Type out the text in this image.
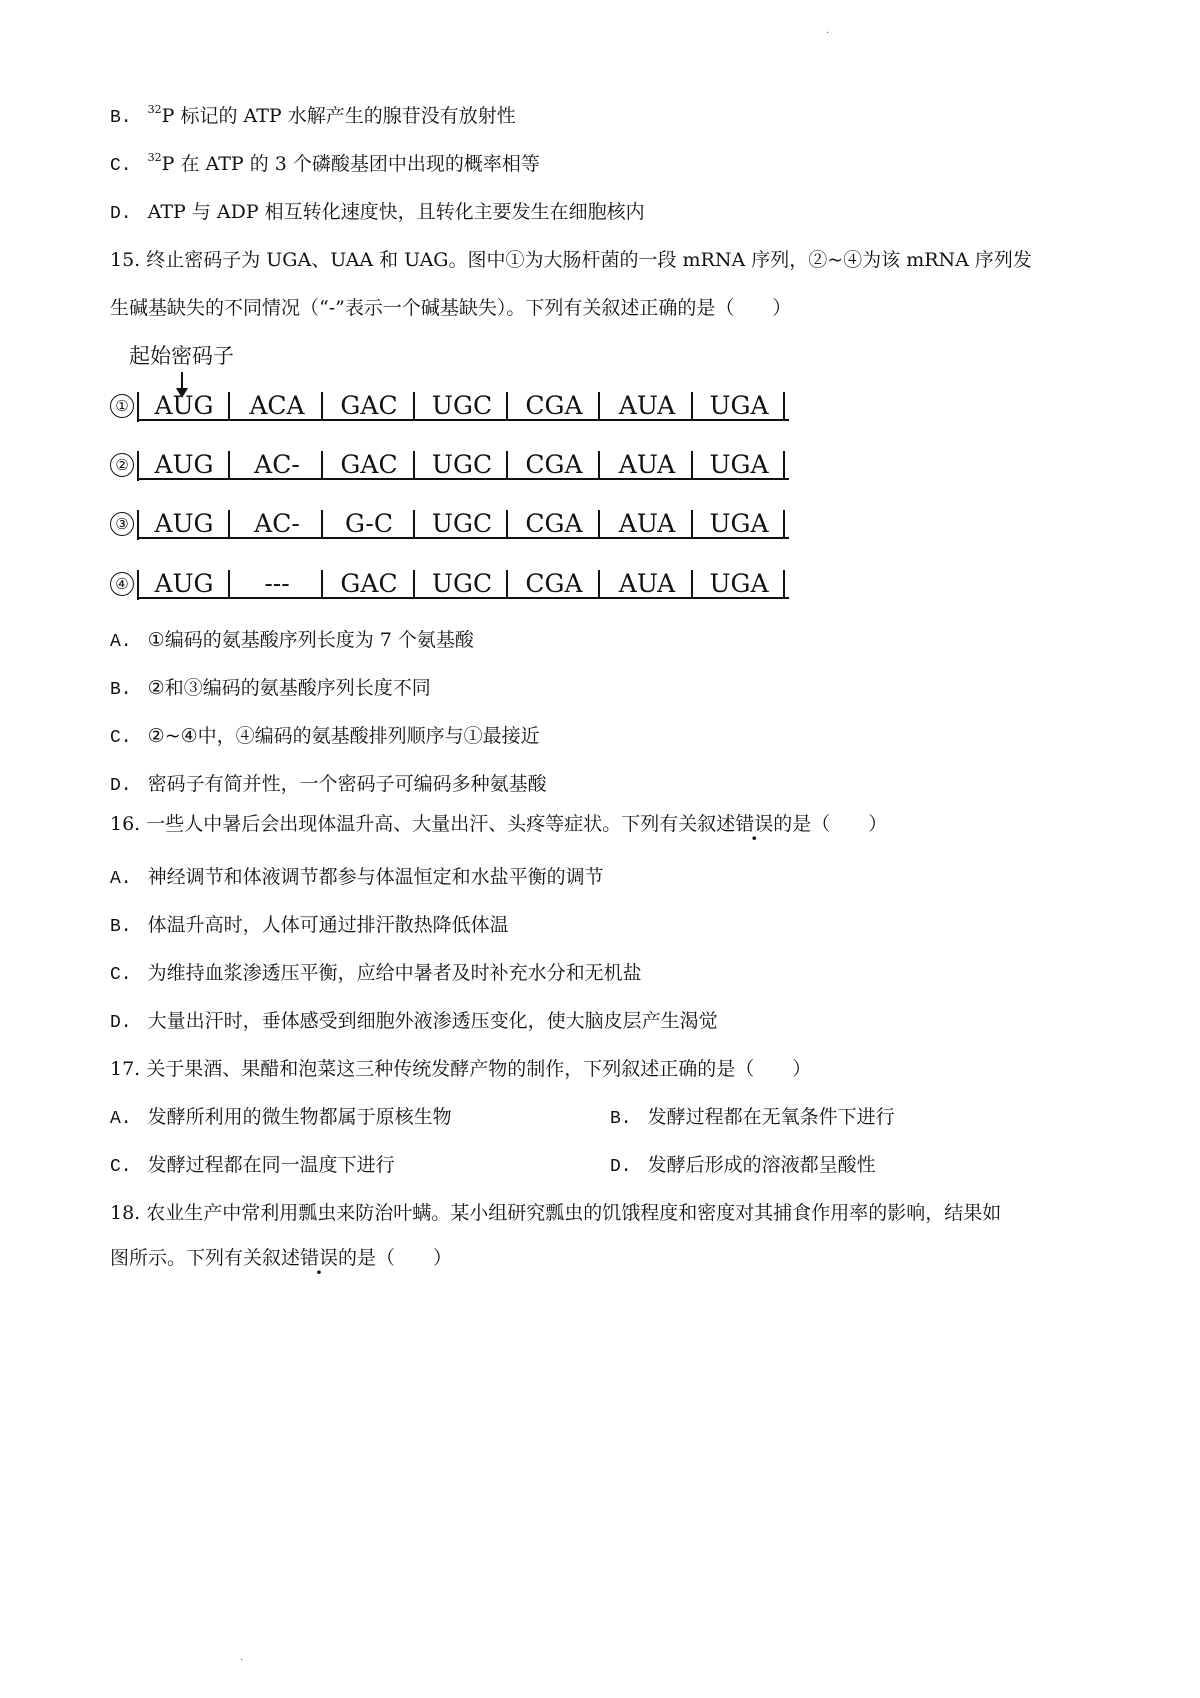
B. $^{32}$P 标记的 ATP 水解产生的腺苷没有放射性
C. $^{32}$P 在 ATP 的 3 个磷酸基团中出现的概率相等
D. ATP 与 ADP 相互转化速度快，且转化主要发生在细胞核内
15. 终止密码子为 UGA、UAA 和 UAG。图中①为大肠杆菌的一段 mRNA 序列，②~④为该 mRNA 序列发
生碱基缺失的不同情况（“-”表示一个碱基缺失）。下列有关叙述正确的是（　　）
起始密码子
①	AUG	ACA	GAC	UGC	CGA	AUA	UGA
②	AUG	AC-	GAC	UGC	CGA	AUA	UGA
③	AUG	AC-	G-C	UGC	CGA	AUA	UGA
④	AUG	---	GAC	UGC	CGA	AUA	UGA
A. ①编码的氨基酸序列长度为 7 个氨基酸
B. ②和③编码的氨基酸序列长度不同
C. ②~④中，④编码的氨基酸排列顺序与①最接近
D. 密码子有简并性，一个密码子可编码多种氨基酸
16. 一些人中暑后会出现体温升高、大量出汗、头疼等症状。下列有关叙述错误的是（　　）
A. 神经调节和体液调节都参与体温恒定和水盐平衡的调节
B. 体温升高时，人体可通过排汗散热降低体温
C. 为维持血浆渗透压平衡，应给中暑者及时补充水分和无机盐
D. 大量出汗时，垂体感受到细胞外液渗透压变化，使大脑皮层产生渴觉
17. 关于果酒、果醋和泡菜这三种传统发酵产物的制作，下列叙述正确的是（　　）
A. 发酵所利用的微生物都属于原核生物	B. 发酵过程都在无氧条件下进行
C. 发酵过程都在同一温度下进行	D. 发酵后形成的溶液都呈酸性
18. 农业生产中常利用瓢虫来防治叶螨。某小组研究瓢虫的饥饿程度和密度对其捕食作用率的影响，结果如
图所示。下列有关叙述错误的是（　　）
·
·
